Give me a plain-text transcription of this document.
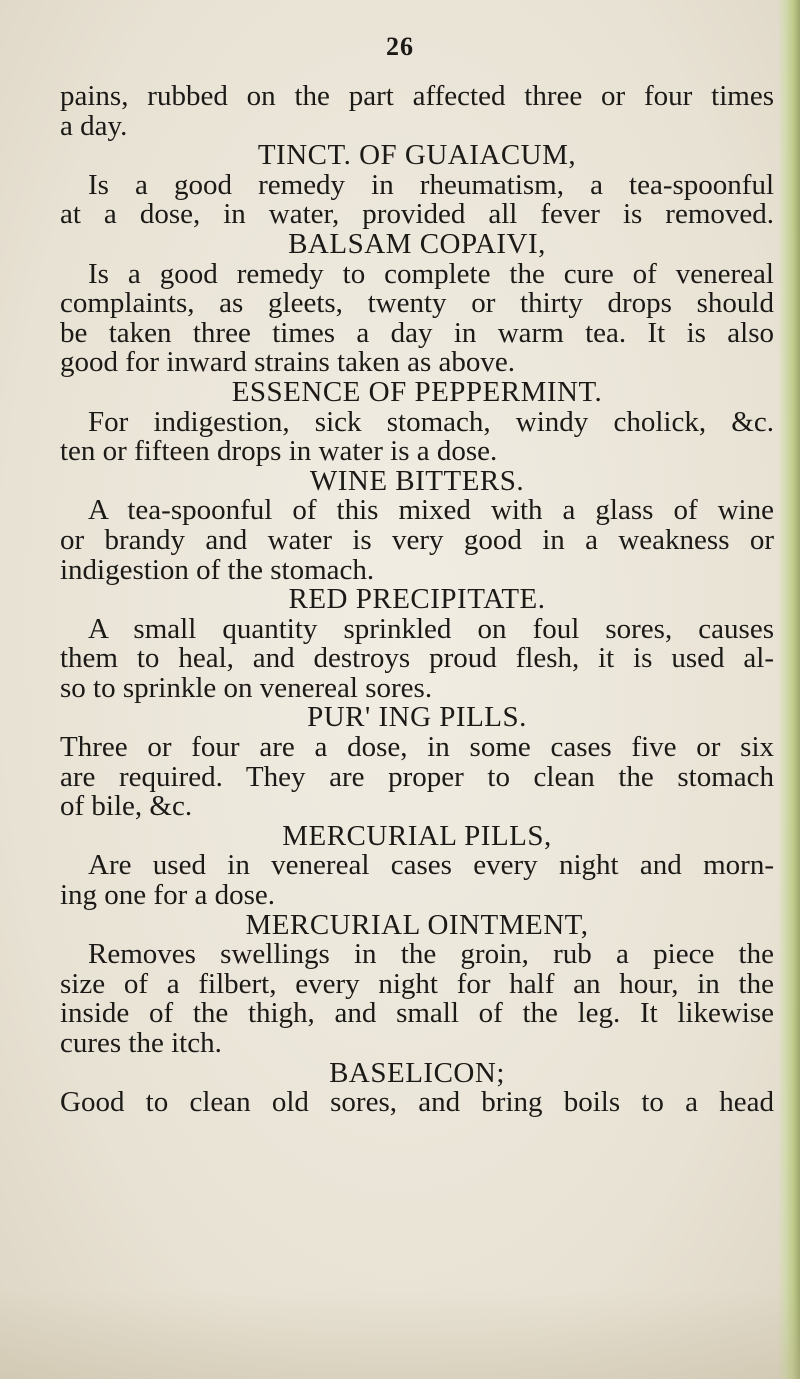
26
pains, rubbed on the part affected three or four times
a day.
TINCT. OF GUAIACUM,
Is a good remedy in rheumatism, a tea-spoonful
at a dose, in water, provided all fever is removed.
BALSAM COPAIVI,
Is a good remedy to complete the cure of venereal
complaints, as gleets, twenty or thirty drops should
be taken three times a day in warm tea. It is also
good for inward strains taken as above.
ESSENCE OF PEPPERMINT.
For indigestion, sick stomach, windy cholick, &c.
ten or fifteen drops in water is a dose.
WINE BITTERS.
A tea-spoonful of this mixed with a glass of wine
or brandy and water is very good in a weakness or
indigestion of the stomach.
RED PRECIPITATE.
A small quantity sprinkled on foul sores, causes
them to heal, and destroys proud flesh, it is used al-
so to sprinkle on venereal sores.
PUR' ING PILLS.
Three or four are a dose, in some cases five or six
are required. They are proper to clean the stomach
of bile, &c.
MERCURIAL PILLS,
Are used in venereal cases every night and morn-
ing one for a dose.
MERCURIAL OINTMENT,
Removes swellings in the groin, rub a piece the
size of a filbert, every night for half an hour, in the
inside of the thigh, and small of the leg. It likewise
cures the itch.
BASELICON;
Good to clean old sores, and bring boils to a head
